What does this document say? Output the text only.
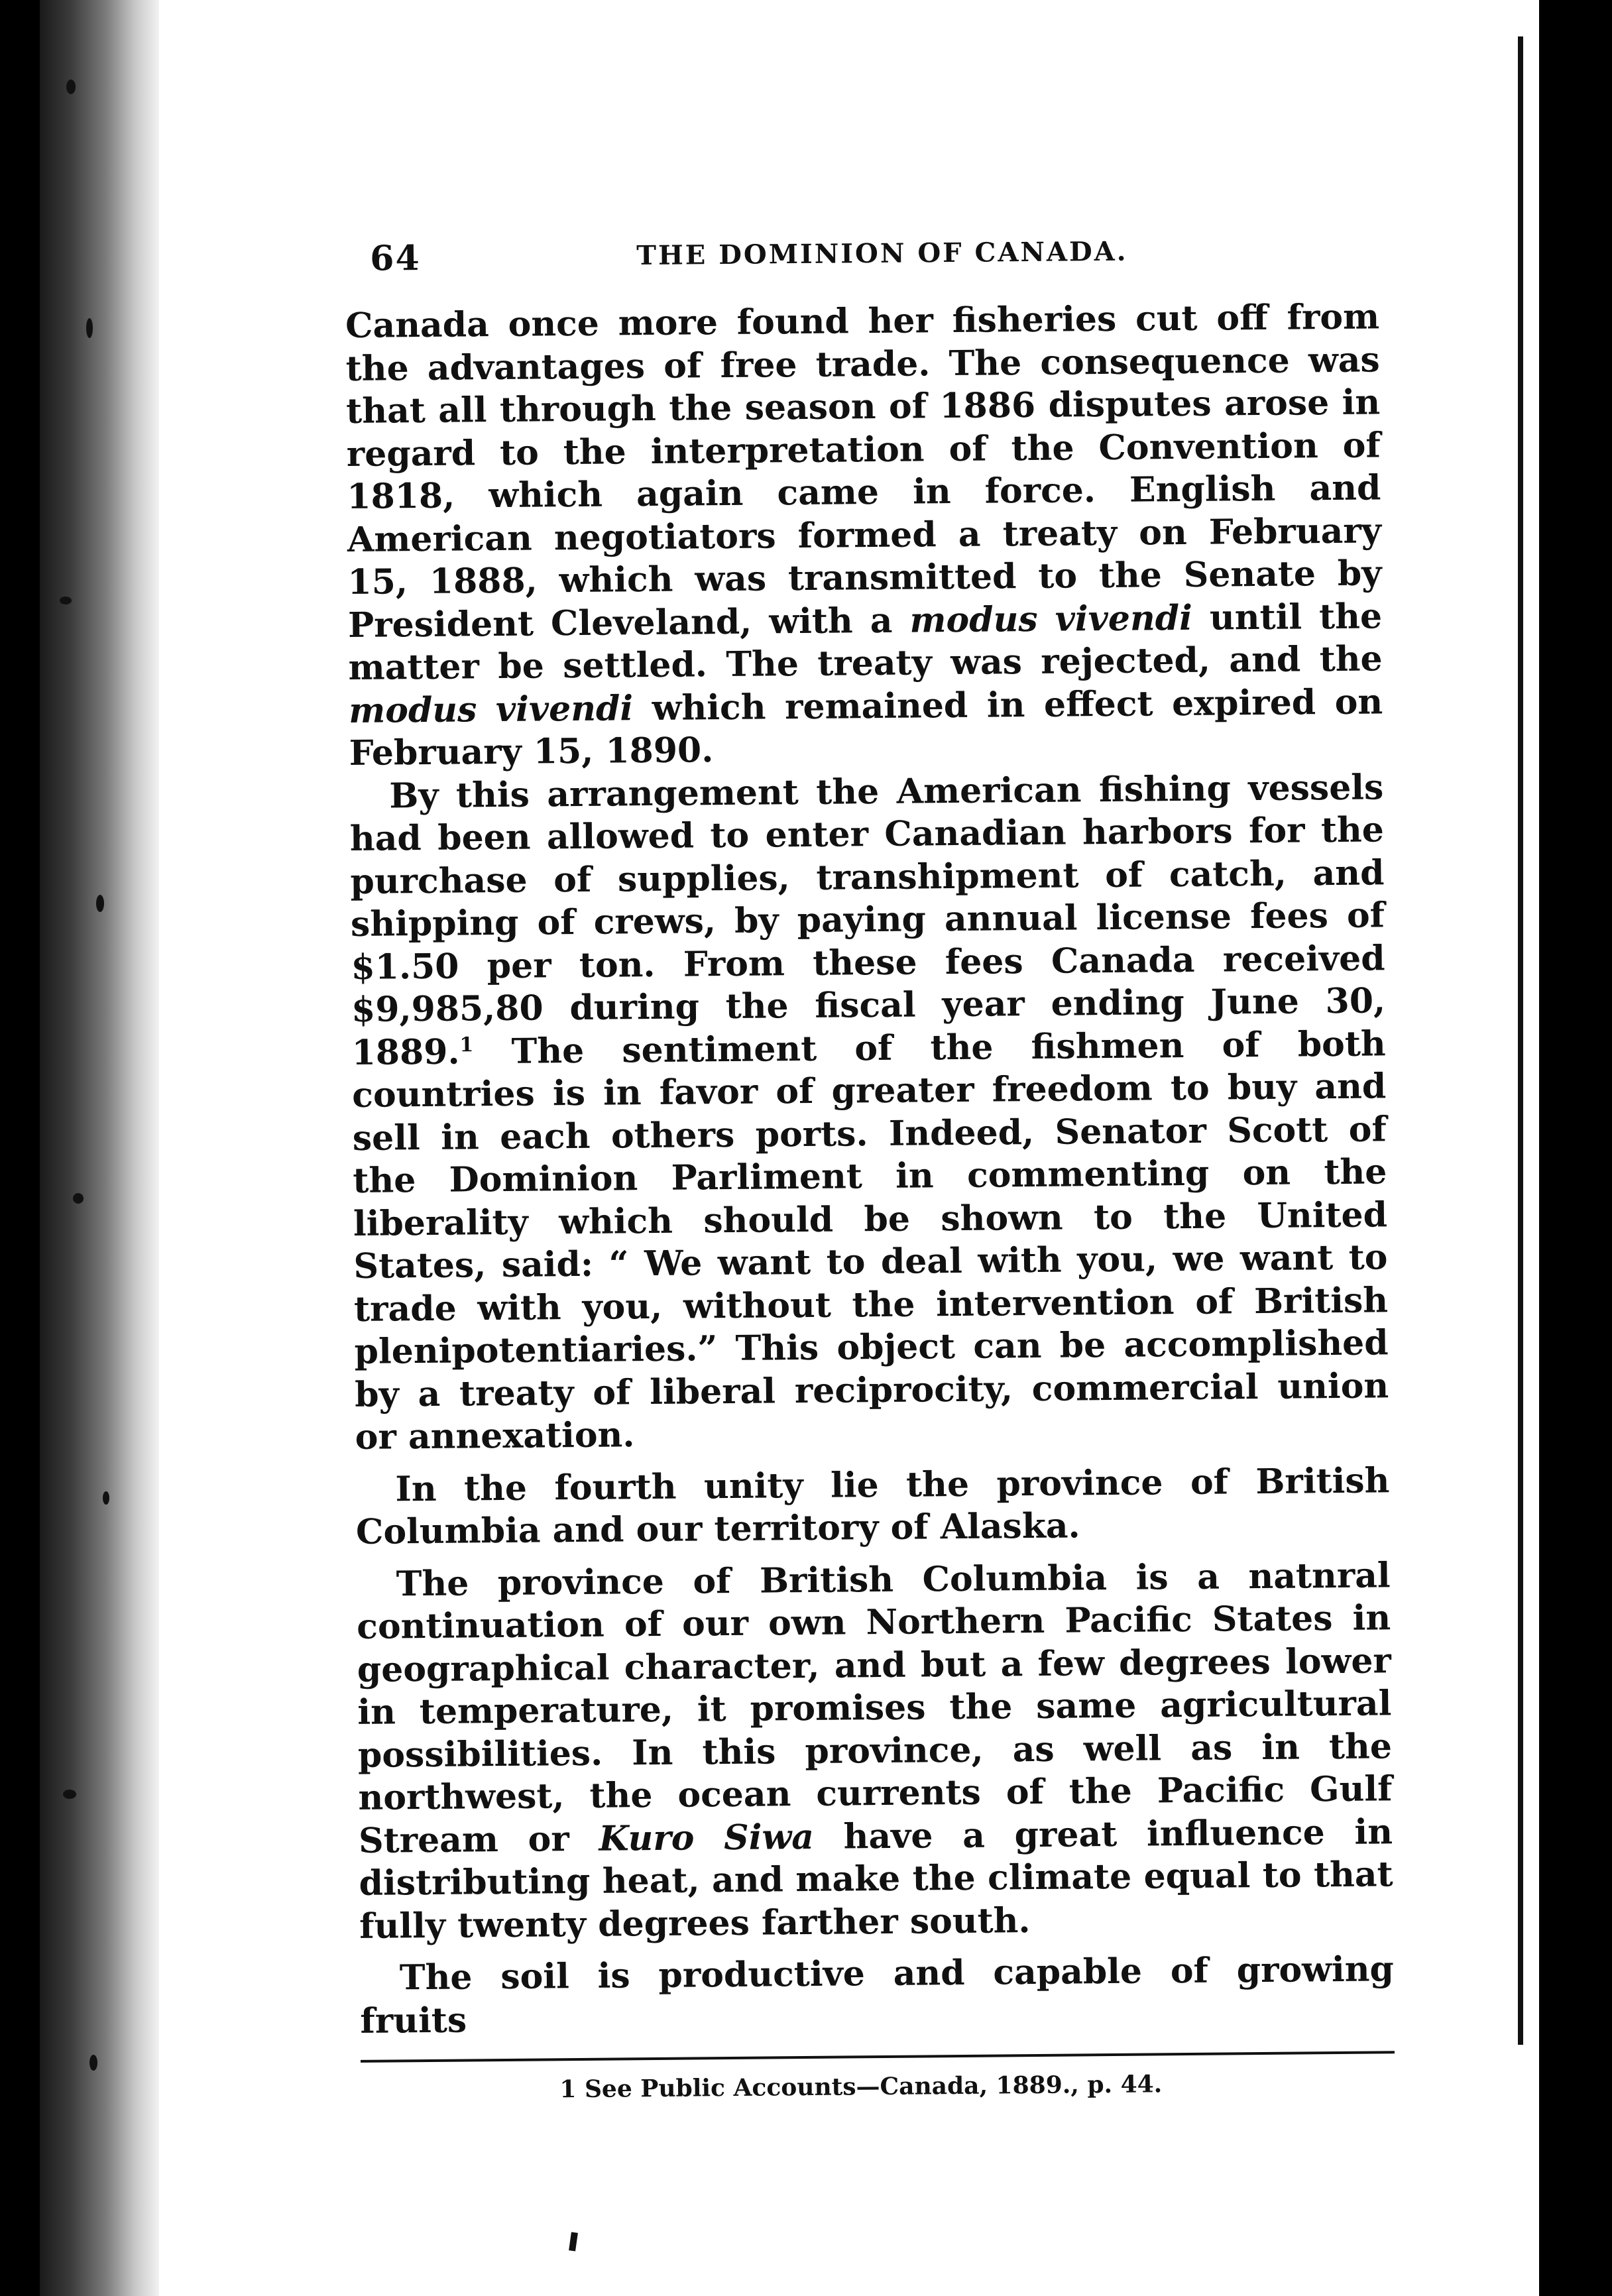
64	THE DOMINION OF CANADA.

Canada once more found her fisheries cut off from the advantages of free trade. The consequence was that all through the season of 1886 disputes arose in regard to the interpretation of the Convention of 1818, which again came in force. English and American negotiators formed a treaty on February 15, 1888, which was transmitted to the Senate by President Cleveland, with a modus vivendi until the matter be settled. The treaty was rejected, and the modus vivendi which remained in effect expired on February 15, 1890.

By this arrangement the American fishing vessels had been allowed to enter Canadian harbors for the purchase of supplies, transhipment of catch, and shipping of crews, by paying annual license fees of $1.50 per ton. From these fees Canada received $9,985,80 during the fiscal year ending June 30, 1889.$^1$ The sentiment of the fishmen of both countries is in favor of greater freedom to buy and sell in each others ports. Indeed, Senator Scott of the Dominion Parliment in commenting on the liberality which should be shown to the United States, said: “ We want to deal with you, we want to trade with you, without the intervention of British plenipotentiaries.” This object can be accomplished by a treaty of liberal reciprocity, commercial union or annexation.

In the fourth unity lie the province of British Columbia and our territory of Alaska.

The province of British Columbia is a natnral continuation of our own Northern Pacific States in geographical character, and but a few degrees lower in temperature, it promises the same agricultural possibilities. In this province, as well as in the northwest, the ocean currents of the Pacific Gulf Stream or Kuro Siwa have a great influence in distributing heat, and make the climate equal to that fully twenty degrees farther south.

The soil is productive and capable of growing fruits

1 See Public Accounts—Canada, 1889., p. 44.
